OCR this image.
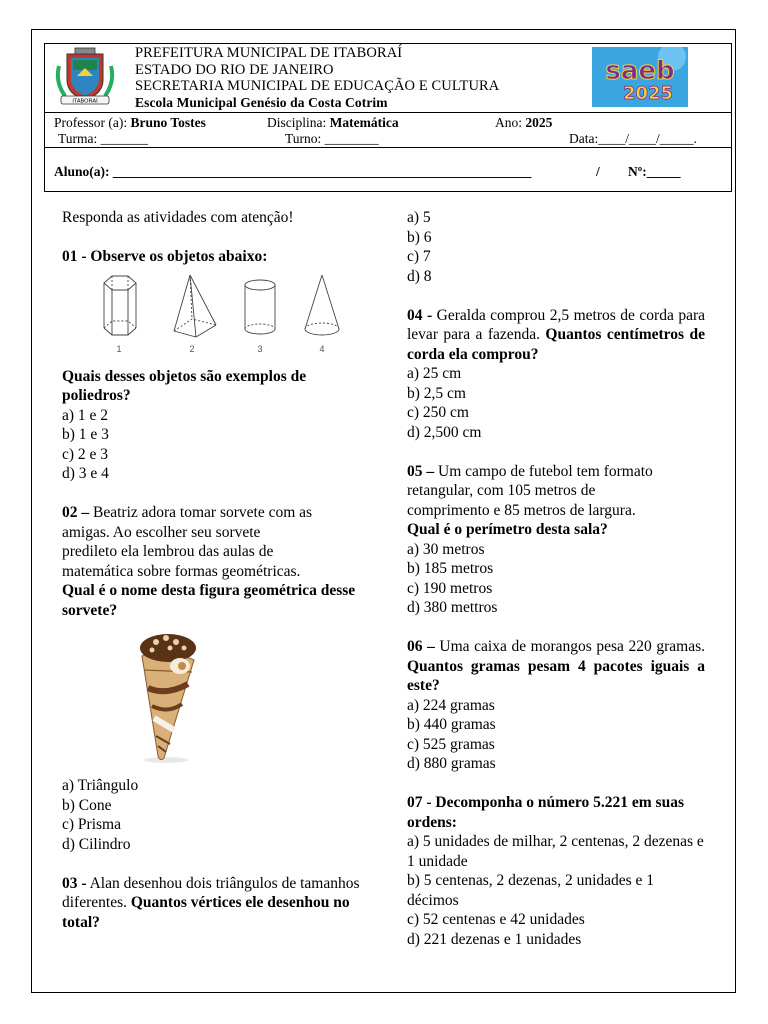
ITABORAÍ
PREFEITURA MUNICIPAL DE ITABORAÍ
ESTADO DO RIO DE JANEIRO
SECRETARIA MUNICIPAL DE EDUCAÇÃO E CULTURA
Escola Municipal Genésio da Costa Cotrim
saeb
2025
Professor (a): Bruno Tostes	Disciplina: Matemática	Ano: 2025
Turma: _______	Turno: ________	Data:____/____/_____.
Aluno(a): ______________________________________________________________	/ Nº:_____

Responda as atividades com atenção!

01 - Observe os objetos abaixo:

1	2	3	4

Quais desses objetos são exemplos de poliedros?

a) 1 e 2

b) 1 e 3

c) 2 e 3

d) 3 e 4

02 – Beatriz adora tomar sorvete com as

amigas. Ao escolher seu sorvete

predileto ela lembrou das aulas de

matemática sobre formas geométricas.

Qual é o nome desta figura geométrica desse sorvete?

a) Triângulo

b) Cone

c) Prisma

d) Cilindro

03 - Alan desenhou dois triângulos de tamanhos diferentes. Quantos vértices ele desenhou no total?

a) 5

b) 6

c) 7

d) 8

04 - Geralda comprou 2,5 metros de corda para levar para a fazenda. Quantos centímetros de corda ela comprou?

a) 25 cm

b) 2,5 cm

c) 250 cm

d) 2,500 cm

05 – Um campo de futebol tem formato

retangular, com 105 metros de

comprimento e 85 metros de largura.

Qual é o perímetro desta sala?

a) 30 metros

b) 185 metros

c) 190 metros

d) 380 mettros

06 – Uma caixa de morangos pesa 220 gramas. Quantos gramas pesam 4 pacotes iguais a este?

a) 224 gramas

b) 440 gramas

c) 525 gramas

d) 880 gramas

07 - Decomponha o número 5.221 em suas ordens:

a) 5 unidades de milhar, 2 centenas, 2 dezenas e 1 unidade

b) 5 centenas, 2 dezenas, 2 unidades e 1 décimos

c) 52 centenas e 42 unidades

d) 221 dezenas e 1 unidades
